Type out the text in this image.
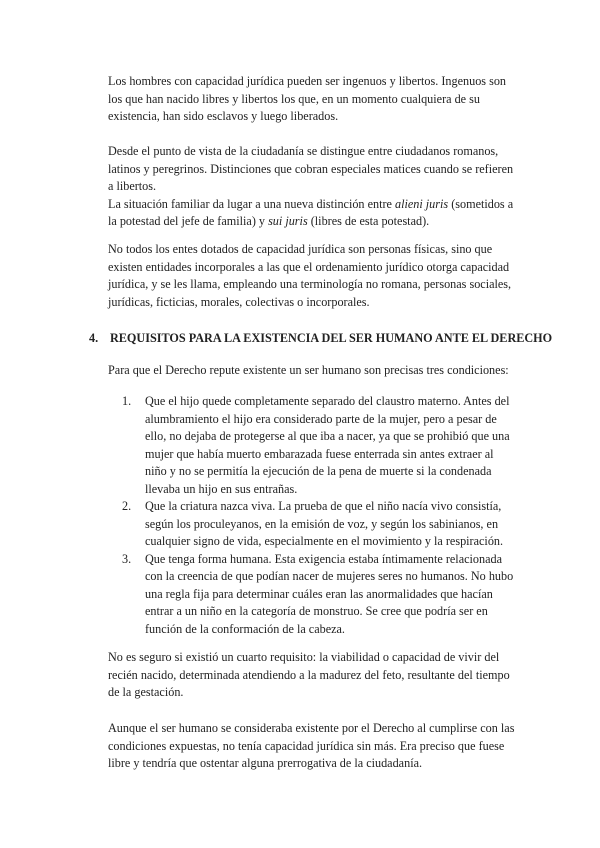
Los hombres con capacidad jurídica pueden ser ingenuos y libertos. Ingenuos son
los que han nacido libres y libertos los que, en un momento cualquiera de su
existencia, han sido esclavos y luego liberados.
Desde el punto de vista de la ciudadanía se distingue entre ciudadanos romanos,
latinos y peregrinos. Distinciones que cobran especiales matices cuando se refieren
a libertos.
La situación familiar da lugar a una nueva distinción entre alieni juris (sometidos a
la potestad del jefe de familia) y sui juris (libres de esta potestad).
No todos los entes dotados de capacidad jurídica son personas físicas, sino que
existen entidades incorporales a las que el ordenamiento jurídico otorga capacidad
jurídica, y se les llama, empleando una terminología no romana, personas sociales,
jurídicas, ficticias, morales, colectivas o incorporales.
4. REQUISITOS PARA LA EXISTENCIA DEL SER HUMANO ANTE EL DERECHO
Para que el Derecho repute existente un ser humano son precisas tres condiciones:
1. Que el hijo quede completamente separado del claustro materno. Antes del
alumbramiento el hijo era considerado parte de la mujer, pero a pesar de
ello, no dejaba de protegerse al que iba a nacer, ya que se prohibió que una
mujer que había muerto embarazada fuese enterrada sin antes extraer al
niño y no se permitía la ejecución de la pena de muerte si la condenada
llevaba un hijo en sus entrañas.
2. Que la criatura nazca viva. La prueba de que el niño nacía vivo consistía,
según los proculeyanos, en la emisión de voz, y según los sabinianos, en
cualquier signo de vida, especialmente en el movimiento y la respiración.
3. Que tenga forma humana. Esta exigencia estaba íntimamente relacionada
con la creencia de que podían nacer de mujeres seres no humanos. No hubo
una regla fija para determinar cuáles eran las anormalidades que hacían
entrar a un niño en la categoría de monstruo. Se cree que podría ser en
función de la conformación de la cabeza.
No es seguro si existió un cuarto requisito: la viabilidad o capacidad de vivir del
recién nacido, determinada atendiendo a la madurez del feto, resultante del tiempo
de la gestación.
Aunque el ser humano se consideraba existente por el Derecho al cumplirse con las
condiciones expuestas, no tenía capacidad jurídica sin más. Era preciso que fuese
libre y tendría que ostentar alguna prerrogativa de la ciudadanía.
